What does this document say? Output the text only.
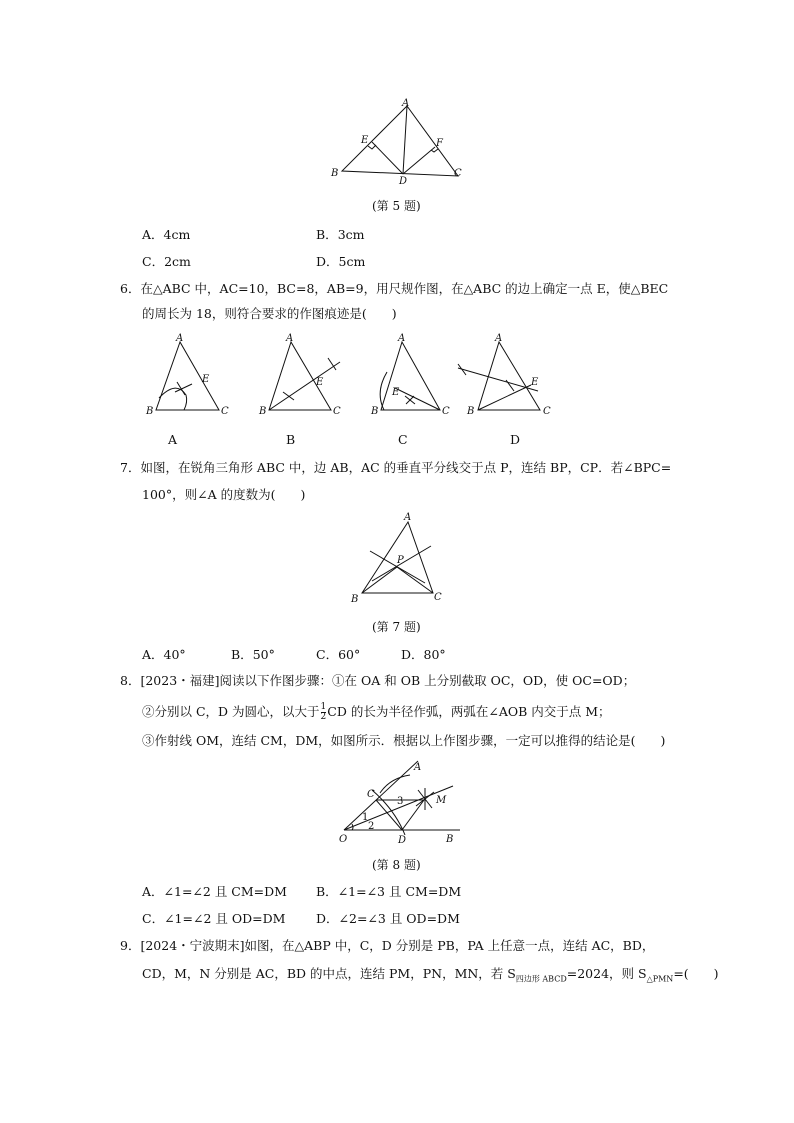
A
E	F
B
D
C
(第 5 题)
A．4cm	B．3cm
C．2cm	D．5cm
6．在△ABC 中，AC=10，BC=8，AB=9，用尺规作图，在△ABC 的边上确定一点 E，使△BEC
的周长为 18，则符合要求的作图痕迹是(　　)
A
E
B	C
A
E
B	C
A
E
B	C
A
E
B	C
A	B	C	D
7．如图，在锐角三角形 ABC 中，边 AB，AC 的垂直平分线交于点 P，连结 BP，CP．若∠BPC=
100°，则∠A 的度数为(　　)
A
P
B	C
(第 7 题)
A．40°	B．50°	C．60°	D．80°
8．[2023・福建]阅读以下作图步骤：①在 OA 和 OB 上分别截取 OC，OD，使 OC=OD；
②分别以 C，D 为圆心，以大于 $\frac{1}{2}$ CD 的长为半径作弧，两弧在∠AOB 内交于点 M；
③作射线 OM，连结 CM，DM，如图所示．根据以上作图步骤，一定可以推得的结论是(　　)
A
C
3	M
1
2
O	D	B
(第 8 题)
A．∠1=∠2 且 CM=DM B．∠1=∠3 且 CM=DM
C．∠1=∠2 且 OD=DM D．∠2=∠3 且 OD=DM
9．[2024・宁波期末]如图，在△ABP 中，C，D 分别是 PB，PA 上任意一点，连结 AC，BD，
CD，M，N 分别是 AC，BD 的中点，连结 PM，PN，MN，若 $S_{四边形 ABCD}=2024$，则 $S_{\triangle PMN}=$(　　)
